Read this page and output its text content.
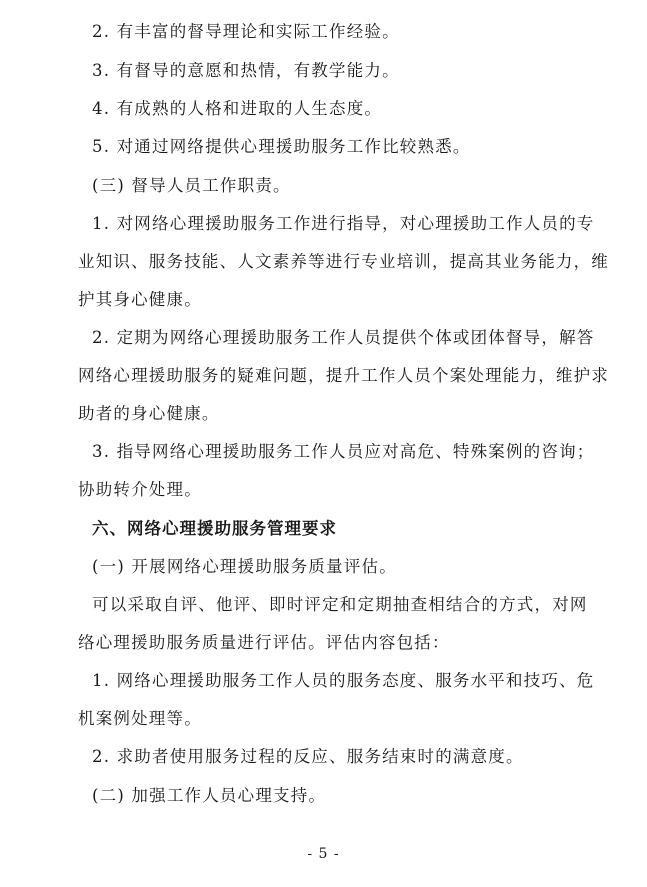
2. 有丰富的督导理论和实际工作经验。
3. 有督导的意愿和热情，有教学能力。
4. 有成熟的人格和进取的人生态度。
5. 对通过网络提供心理援助服务工作比较熟悉。
(三) 督导人员工作职责。
1. 对网络心理援助服务工作进行指导，对心理援助工作人员的专
业知识、服务技能、人文素养等进行专业培训，提高其业务能力，维
护其身心健康。
2. 定期为网络心理援助服务工作人员提供个体或团体督导，解答
网络心理援助服务的疑难问题，提升工作人员个案处理能力，维护求
助者的身心健康。
3. 指导网络心理援助服务工作人员应对高危、特殊案例的咨询；
协助转介处理。
六、网络心理援助服务管理要求
(一) 开展网络心理援助服务质量评估。
可以采取自评、他评、即时评定和定期抽查相结合的方式，对网
络心理援助服务质量进行评估。评估内容包括：
1. 网络心理援助服务工作人员的服务态度、服务水平和技巧、危
机案例处理等。
2. 求助者使用服务过程的反应、服务结束时的满意度。
(二) 加强工作人员心理支持。
- 5 -
